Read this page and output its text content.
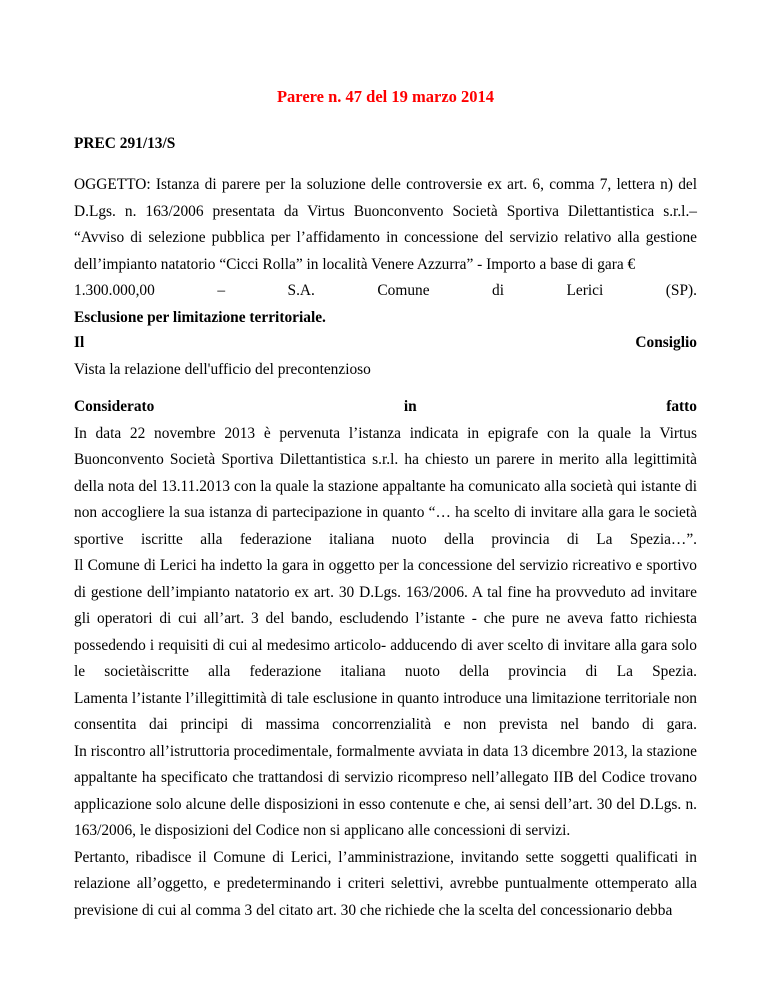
Parere n. 47 del 19 marzo 2014

PREC 291/13/S

OGGETTO: Istanza di parere per la soluzione delle controversie ex art. 6, comma 7, lettera n) del D.Lgs. n. 163/2006 presentata da Virtus Buonconvento Società Sportiva Dilettantistica s.r.l.– “Avviso di selezione pubblica per l’affidamento in concessione del servizio relativo alla gestione dell’impianto natatorio “Cicci Rolla” in località Venere Azzurra” - Importo a base di gara €

1.300.000,00	–	S.A.	Comune	di	Lerici	(SP).

Esclusione per limitazione territoriale.

Il	Consiglio

Vista la relazione dell'ufficio del precontenzioso

Considerato	in	fatto

In data 22 novembre 2013 è pervenuta l’istanza indicata in epigrafe con la quale la Virtus Buonconvento Società Sportiva Dilettantistica s.r.l. ha chiesto un parere in merito alla legittimità della nota del 13.11.2013 con la quale la stazione appaltante ha comunicato alla società qui istante di non accogliere la sua istanza di partecipazione in quanto “… ha scelto di invitare alla gara le società sportive iscritte alla federazione italiana nuoto della provincia di La Spezia…”.

Il Comune di Lerici ha indetto la gara in oggetto per la concessione del servizio ricreativo e sportivo di gestione dell’impianto natatorio ex art. 30 D.Lgs. 163/2006. A tal fine ha provveduto ad invitare gli operatori di cui all’art. 3 del bando, escludendo l’istante - che pure ne aveva fatto richiesta possedendo i requisiti di cui al medesimo articolo- adducendo di aver scelto di invitare alla gara solo le societàiscritte alla federazione italiana nuoto della provincia di La Spezia.

Lamenta l’istante l’illegittimità di tale esclusione in quanto introduce una limitazione territoriale non consentita dai principi di massima concorrenzialità e non prevista nel bando di gara.

In riscontro all’istruttoria procedimentale, formalmente avviata in data 13 dicembre 2013, la stazione appaltante ha specificato che trattandosi di servizio ricompreso nell’allegato IIB del Codice trovano applicazione solo alcune delle disposizioni in esso contenute e che, ai sensi dell’art. 30 del D.Lgs. n. 163/2006, le disposizioni del Codice non si applicano alle concessioni di servizi.

Pertanto, ribadisce il Comune di Lerici, l’amministrazione, invitando sette soggetti qualificati in relazione all’oggetto, e predeterminando i criteri selettivi, avrebbe puntualmente ottemperato alla previsione di cui al comma 3 del citato art. 30 che richiede che la scelta del concessionario debba
